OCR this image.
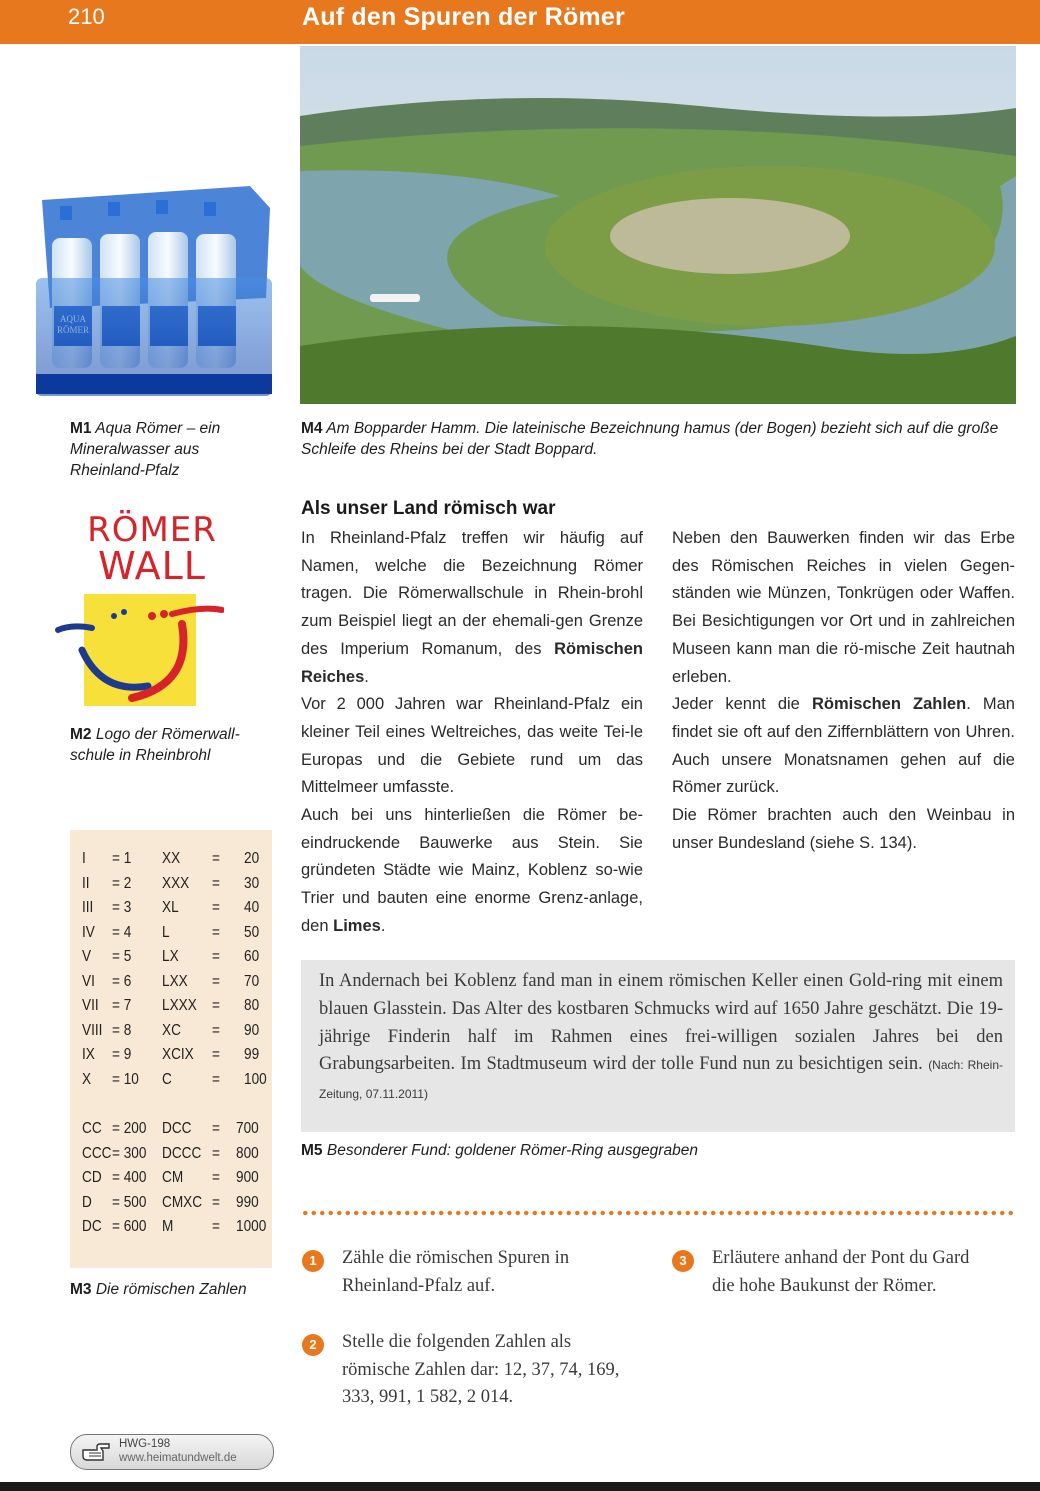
210	Auf den Spuren der Römer
M1 Aqua Römer – ein Mineralwasser aus Rheinland-Pfalz
M4 Am Bopparder Hamm. Die lateinische Bezeichnung hamus (der Bogen) bezieht sich auf die große Schleife des Rheins bei der Stadt Boppard.
RÖMER
WALL
M2 Logo der Römerwall-schule in Rheinbrohl
I = 1 XX = 20
II = 2 XXX = 30
III = 3 XL = 40
IV = 4 L	= 50
V = 5 LX = 60
VI = 6 LXX = 70
VII = 7 LXXX = 80
VIII = 8 XC = 90
IX = 9 XCIX = 99
X = 10 C	= 100
CC = 200 DCC = 700
CCC = 300 DCCC = 800
CD = 400 CM = 900
D = 500 CMXC = 990
DC = 600 M = 1000
M3 Die römischen Zahlen
Als unser Land römisch war

In Rheinland-Pfalz treffen wir häufig auf Namen, welche die Bezeichnung Römer tragen. Die Römerwallschule in Rhein-brohl zum Beispiel liegt an der ehemali-gen Grenze des Imperium Romanum, des Römischen Reiches.

Vor 2 000 Jahren war Rheinland-Pfalz ein kleiner Teil eines Weltreiches, das weite Tei-le Europas und die Gebiete rund um das Mittelmeer umfasste.

Auch bei uns hinterließen die Römer be-eindruckende Bauwerke aus Stein. Sie gründeten Städte wie Mainz, Koblenz so-wie Trier und bauten eine enorme Grenz-anlage, den Limes.

Neben den Bauwerken finden wir das Erbe des Römischen Reiches in vielen Gegen-ständen wie Münzen, Tonkrügen oder Waffen. Bei Besichtigungen vor Ort und in zahlreichen Museen kann man die rö-mische Zeit hautnah erleben.

Jeder kennt die Römischen Zahlen. Man findet sie oft auf den Ziffernblättern von Uhren. Auch unsere Monatsnamen gehen auf die Römer zurück.

Die Römer brachten auch den Weinbau in unser Bundesland (siehe S. 134).

In Andernach bei Koblenz fand man in einem römischen Keller einen Gold-ring mit einem blauen Glasstein. Das Alter des kostbaren Schmucks wird auf 1650 Jahre geschätzt. Die 19-jährige Finderin half im Rahmen eines frei-willigen sozialen Jahres bei den Grabungsarbeiten. Im Stadtmuseum wird der tolle Fund nun zu besichtigen sein. (Nach: Rhein-Zeitung, 07.11.2011)
M5 Besonderer Fund: goldener Römer-Ring ausgegraben
1	Zähle die römischen Spuren in Rheinland-Pfalz auf.
2	Stelle die folgenden Zahlen als römische Zahlen dar: 12, 37, 74, 169, 333, 991, 1 582, 2 014.
3	Erläutere anhand der Pont du Gard die hohe Baukunst der Römer.
HWG-198
www.heimatundwelt.de
